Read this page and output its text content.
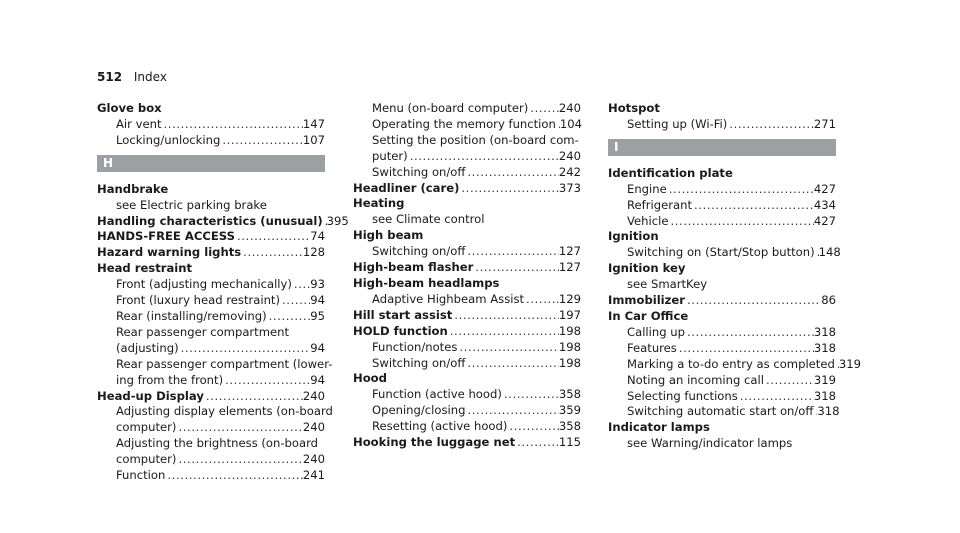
512 Index
Glove box
Air vent .....	147
Locking/unlocking .....	107
H
Handbrake
see Electric parking brake
Handling characteristics (unusual) ..... 395
HANDS-FREE ACCESS .....	74
Hazard warning lights .....	128
Head restraint
Front (adjusting mechanically) ..... 93
Front (luxury head restraint) .....	94
Rear (installing/removing) .....	95
Rear passenger compartment
(adjusting) .....	94
Rear passenger compartment (lower-
ing from the front) .....	94
Head-up Display .....	240
Adjusting display elements (on-board
computer) .....	240
Adjusting the brightness (on-board
computer) .....	240
Function .....	241
Menu (on-board computer) .....	240
Operating the memory function ..... 104
Setting the position (on-board com-
puter) .....	240
Switching on/off .....	242
Headliner (care) .....	373
Heating
see Climate control
High beam
Switching on/off .....	127
High-beam flasher .....	127
High-beam headlamps
Adaptive Highbeam Assist .....	129
Hill start assist .....	197
HOLD function .....	198
Function/notes .....	198
Switching on/off .....	198
Hood
Function (active hood) .....	358
Opening/closing .....	359
Resetting (active hood) .....	358
Hooking the luggage net .....	115
Hotspot
Setting up (Wi-Fi) .....	271
I
Identification plate
Engine .....	427
Refrigerant .....	434
Vehicle .....	427
Ignition
Switching on (Start/Stop button) ..... 148
Ignition key
see SmartKey
Immobilizer .....	86
In Car Office
Calling up .....	318
Features .....	318
Marking a to-do entry as completed ..... 319
Noting an incoming call .....	319
Selecting functions .....	318
Switching automatic start on/off ..... 318
Indicator lamps
see Warning/indicator lamps
